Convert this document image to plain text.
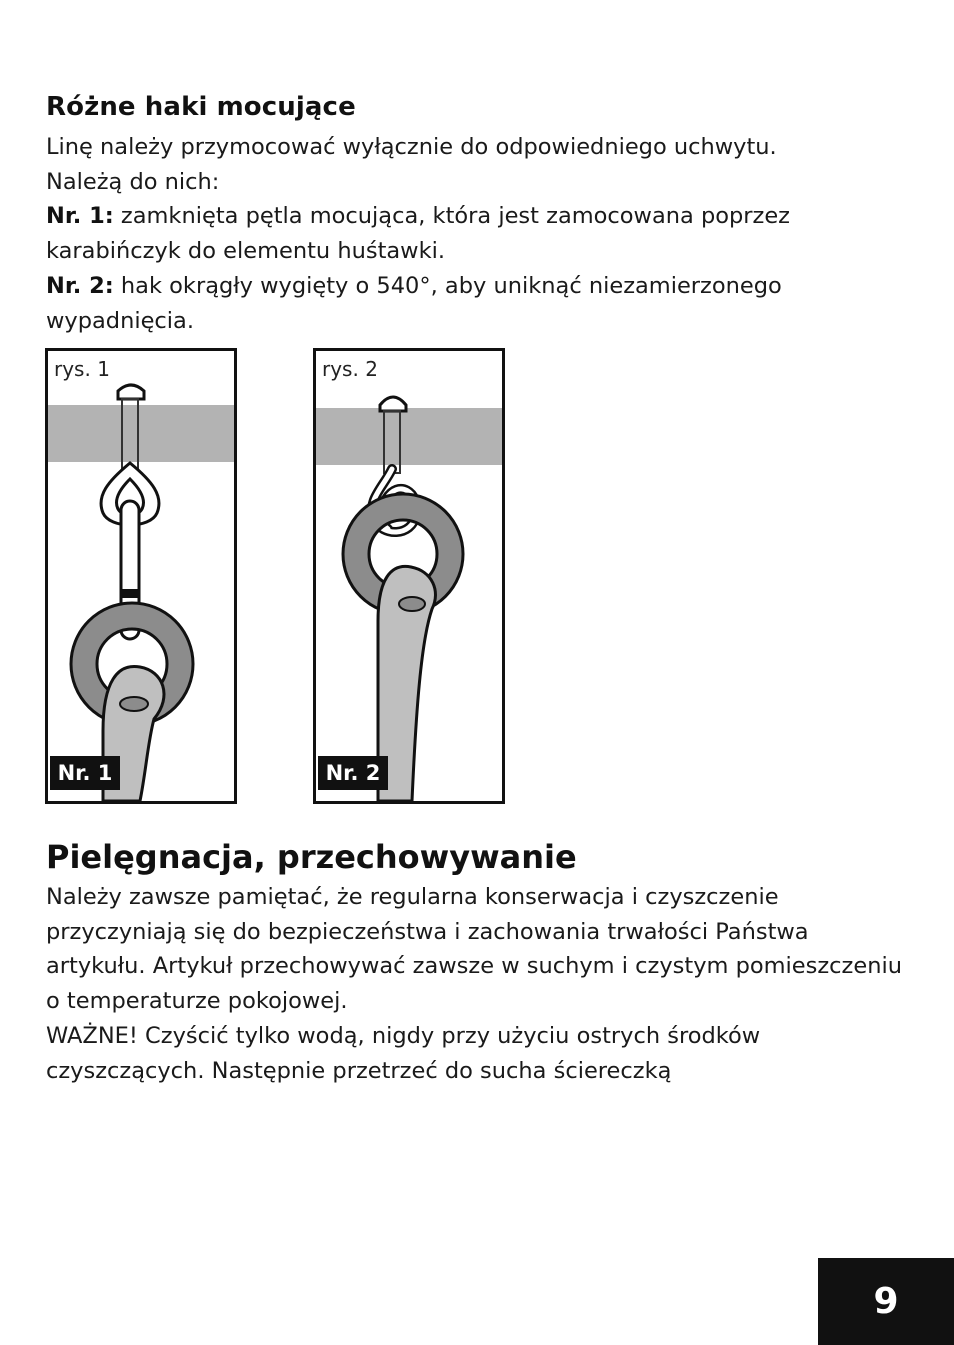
Różne haki mocujące

Linę należy przymocować wyłącznie do odpowiedniego uchwytu.
Należą do nich:
Nr. 1: zamknięta pętla mocująca, która jest zamocowana poprzez
karabińczyk do elementu huśtawki.
Nr. 2: hak okrągły wygięty o 540°, aby uniknąć niezamierzonego
wypadnięcia.

rys. 1
Nr. 1
rys. 2
Nr. 2
Pielęgnacja, przechowywanie

Należy zawsze pamiętać, że regularna konserwacja i czyszczenie
przyczyniają się do bezpieczeństwa i zachowania trwałości Państwa
artykułu. Artykuł przechowywać zawsze w suchym i czystym pomieszczeniu
o temperaturze pokojowej.
WAŻNE! Czyścić tylko wodą, nigdy przy użyciu ostrych środków
czyszczących. Następnie przetrzeć do sucha ściereczką

9
